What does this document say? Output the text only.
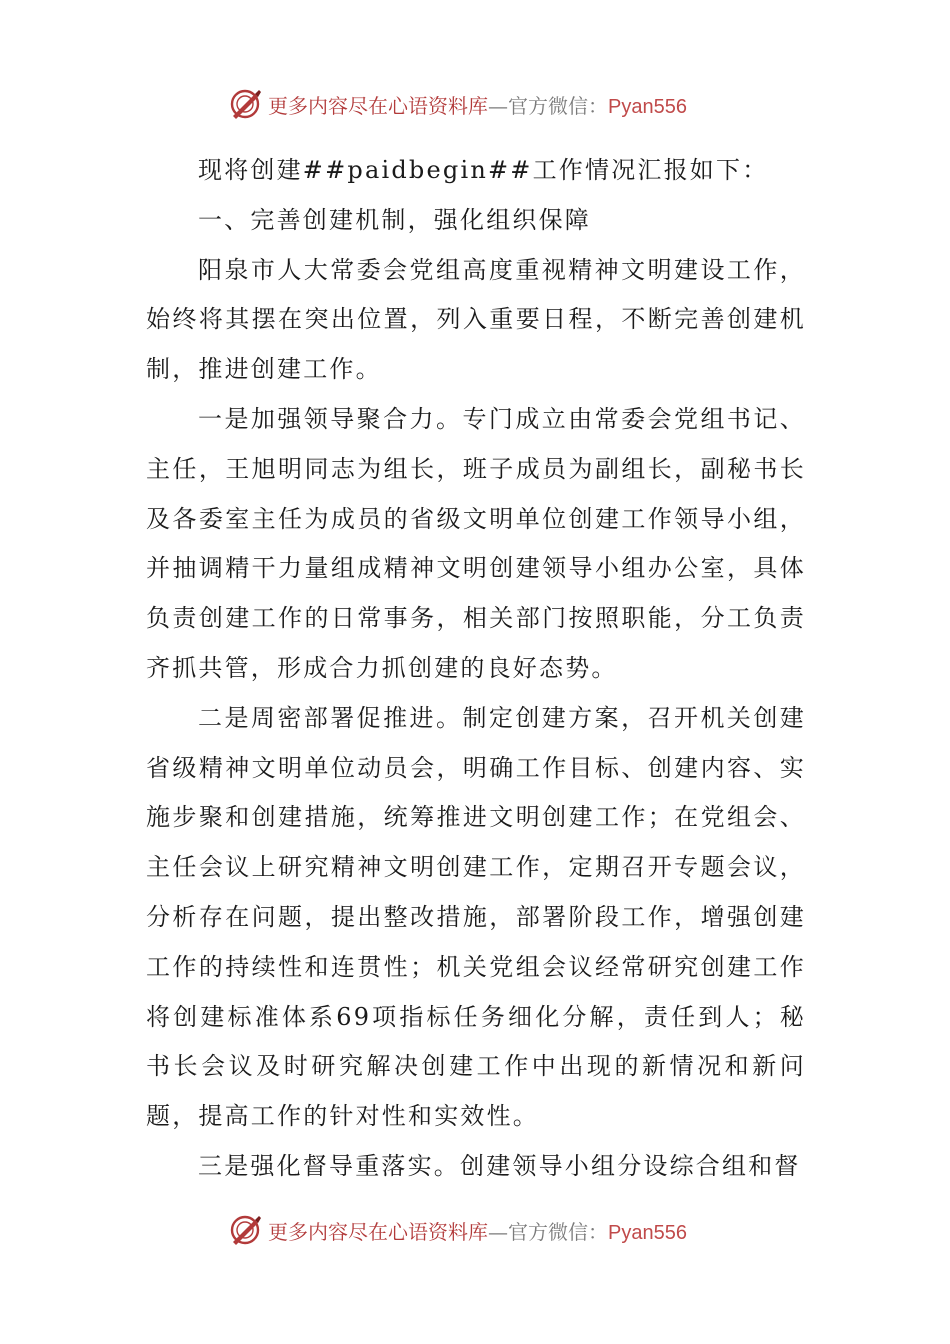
更多内容尽在心语资料库—官方微信：Pyan556

现将创建##paidbegin##工作情况汇报如下：

一、完善创建机制，强化组织保障

阳泉市人大常委会党组高度重视精神文明建设工作，始终将其摆在突出位置，列入重要日程，不断完善创建机制，推进创建工作。

一是加强领导聚合力。专门成立由常委会党组书记、主任，王旭明同志为组长，班子成员为副组长，副秘书长及各委室主任为成员的省级文明单位创建工作领导小组，并抽调精干力量组成精神文明创建领导小组办公室，具体负责创建工作的日常事务，相关部门按照职能，分工负责齐抓共管，形成合力抓创建的良好态势。

二是周密部署促推进。制定创建方案，召开机关创建省级精神文明单位动员会，明确工作目标、创建内容、实施步聚和创建措施，统筹推进文明创建工作；在党组会、主任会议上研究精神文明创建工作，定期召开专题会议，分析存在问题，提出整改措施，部署阶段工作，增强创建工作的持续性和连贯性；机关党组会议经常研究创建工作将创建标准体系69项指标任务细化分解，责任到人；秘书长会议及时研究解决创建工作中出现的新情况和新问题，提高工作的针对性和实效性。

三是强化督导重落实。创建领导小组分设综合组和督

更多内容尽在心语资料库—官方微信：Pyan556
